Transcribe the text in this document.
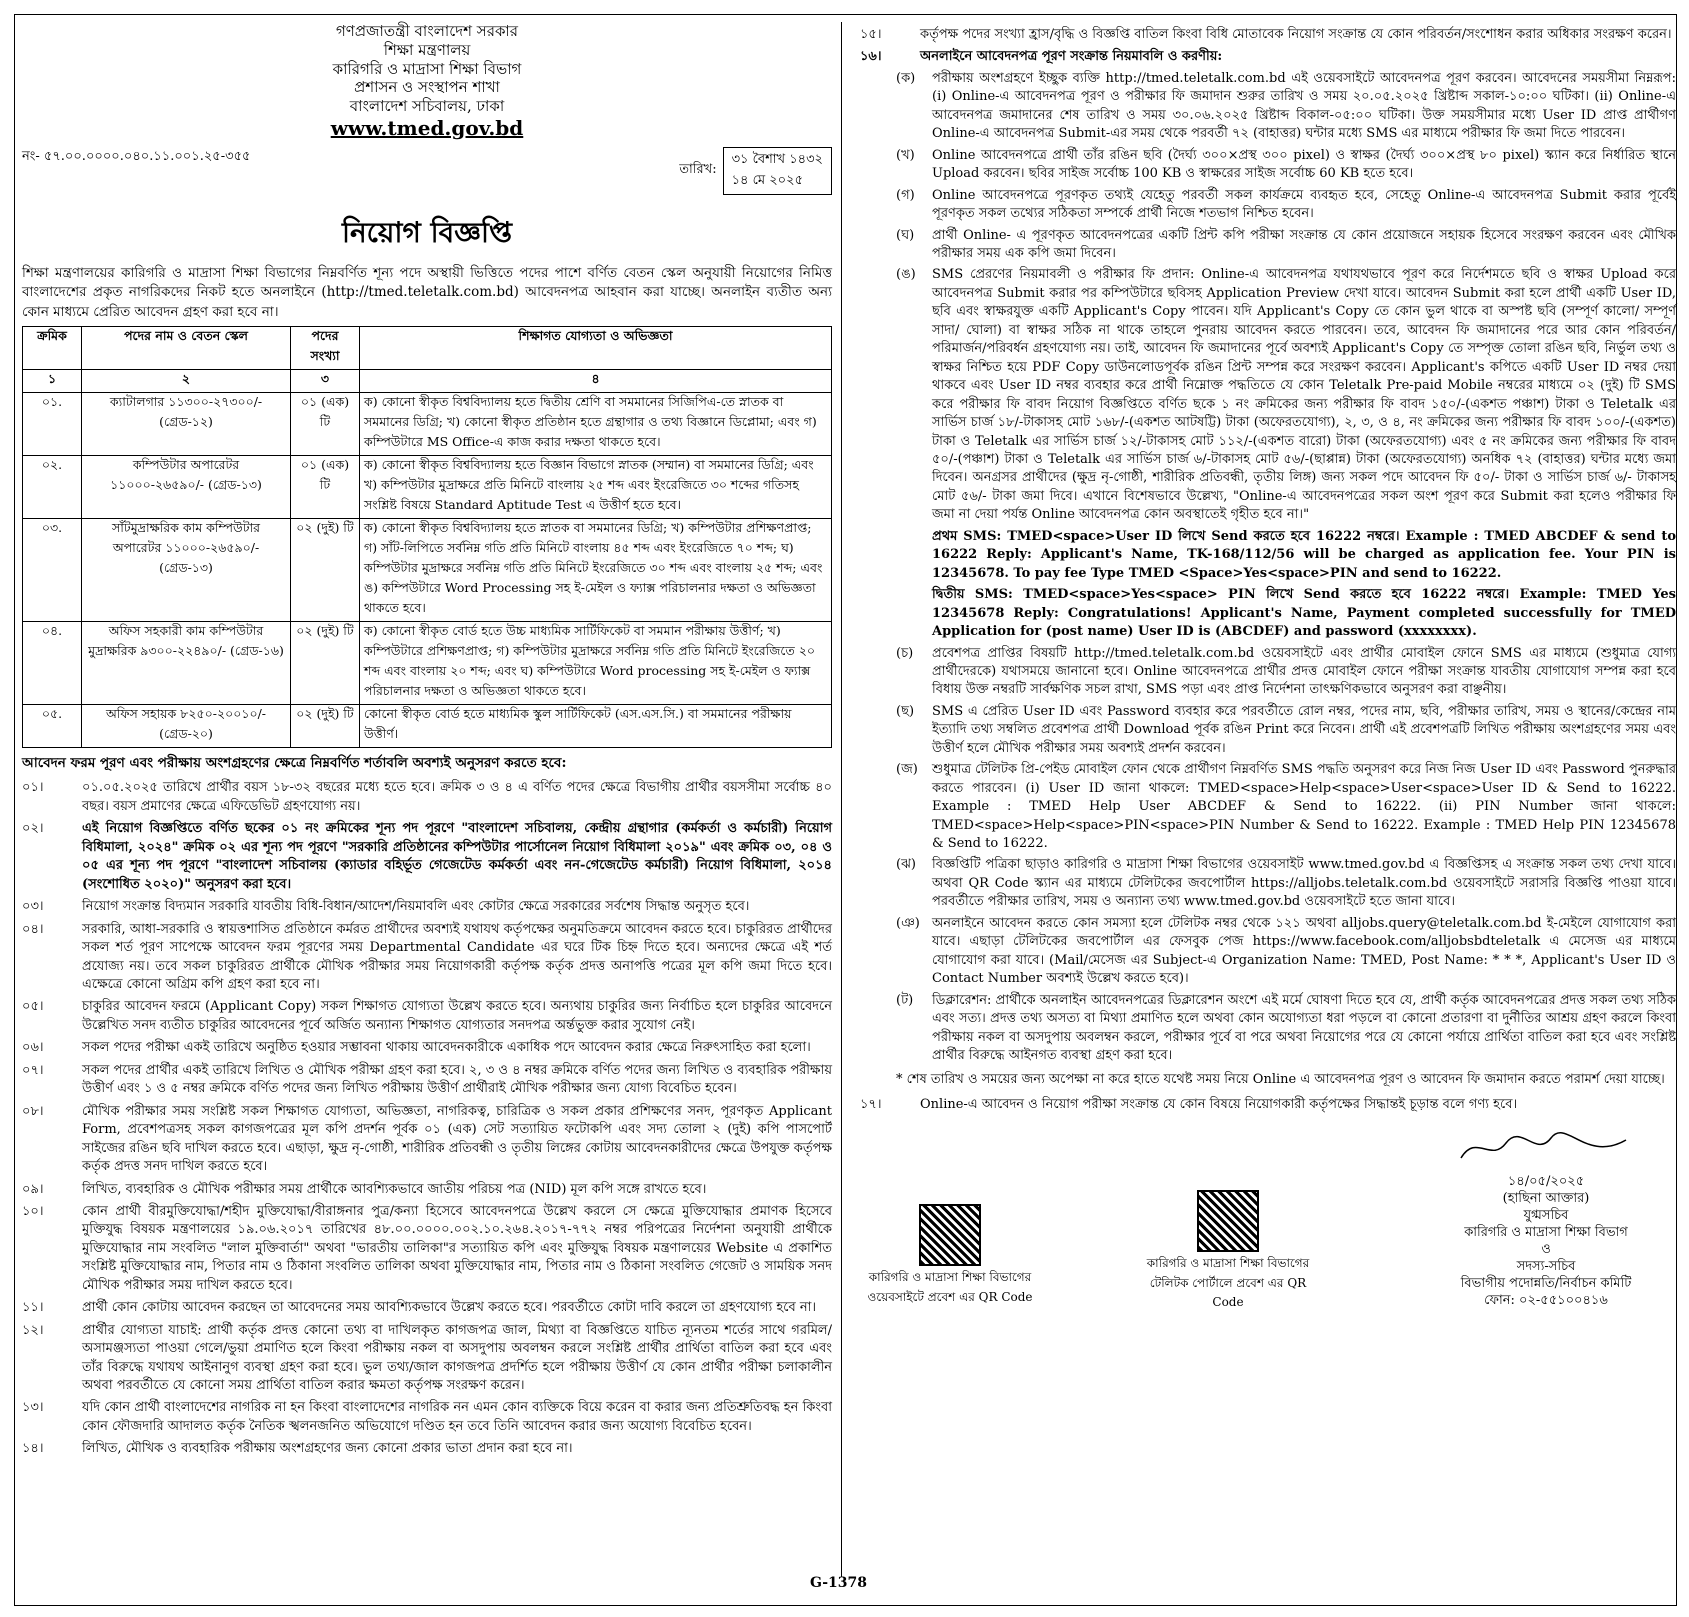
গণপ্রজাতন্ত্রী বাংলাদেশ সরকার
শিক্ষা মন্ত্রণালয়
কারিগরি ও মাদ্রাসা শিক্ষা বিভাগ
প্রশাসন ও সংস্থাপন শাখা
বাংলাদেশ সচিবালয়, ঢাকা
www.tmed.gov.bd
নং- ৫৭.০০.০০০০.০৪০.১১.০০১.২৫-৩৫৫
তারিখ:
৩১ বৈশাখ ১৪৩২
১৪ মে ২০২৫
নিয়োগ বিজ্ঞপ্তি
শিক্ষা মন্ত্রণালয়ের কারিগরি ও মাদ্রাসা শিক্ষা বিভাগের নিম্নবর্ণিত শূন্য পদে অস্থায়ী ভিত্তিতে পদের পাশে বর্ণিত বেতন স্কেল অনুযায়ী নিয়োগের নিমিত্ত বাংলাদেশের প্রকৃত নাগরিকদের নিকট হতে অনলাইনে (http://tmed.teletalk.com.bd) আবেদনপত্র আহবান করা যাচ্ছে। অনলাইন ব্যতীত অন্য কোন মাধ্যমে প্রেরিত আবেদন গ্রহণ করা হবে না।
ক্রমিক	পদের নাম ও বেতন স্কেল	পদের সংখ্যা	শিক্ষাগত যোগ্যতা ও অভিজ্ঞতা
১	২	৩	৪
০১.	ক্যাটালগার ১১৩০০-২৭৩০০/- (গ্রেড-১২)	০১ (এক) টি	ক) কোনো স্বীকৃত বিশ্ববিদ্যালয় হতে দ্বিতীয় শ্রেণি বা সমমানের সিজিপিএ-তে স্নাতক বা সমমানের ডিগ্রি; খ) কোনো স্বীকৃত প্রতিষ্ঠান হতে গ্রন্থাগার ও তথ্য বিজ্ঞানে ডিপ্লোমা; এবং গ) কম্পিউটারে MS Office-এ কাজ করার দক্ষতা থাকতে হবে।
০২.	কম্পিউটার অপারেটর ১১০০০-২৬৫৯০/- (গ্রেড-১৩)	০১ (এক) টি	ক) কোনো স্বীকৃত বিশ্ববিদ্যালয় হতে বিজ্ঞান বিভাগে স্নাতক (সম্মান) বা সমমানের ডিগ্রি; এবং খ) কম্পিউটার মুদ্রাক্ষরে প্রতি মিনিটে বাংলায় ২৫ শব্দ এবং ইংরেজিতে ৩০ শব্দের গতিসহ সংশ্লিষ্ট বিষয়ে Standard Aptitude Test এ উত্তীর্ণ হতে হবে।
০৩.	সাঁটমুদ্রাক্ষরিক কাম কম্পিউটার অপারেটর ১১০০০-২৬৫৯০/- (গ্রেড-১৩)	০২ (দুই) টি	ক) কোনো স্বীকৃত বিশ্ববিদ্যালয় হতে স্নাতক বা সমমানের ডিগ্রি; খ) কম্পিউটার প্রশিক্ষণপ্রাপ্ত; গ) সাঁট-লিপিতে সর্বনিম্ন গতি প্রতি মিনিটে বাংলায় ৪৫ শব্দ এবং ইংরেজিতে ৭০ শব্দ; ঘ) কম্পিউটার মুদ্রাক্ষরে সর্বনিম্ন গতি প্রতি মিনিটে ইংরেজিতে ৩০ শব্দ এবং বাংলায় ২৫ শব্দ; এবং ঙ) কম্পিউটারে Word Processing সহ ই-মেইল ও ফ্যাক্স পরিচালনার দক্ষতা ও অভিজ্ঞতা থাকতে হবে।
০৪.	অফিস সহকারী কাম কম্পিউটার মুদ্রাক্ষরিক ৯৩০০-২২৪৯০/- (গ্রেড-১৬)	০২ (দুই) টি	ক) কোনো স্বীকৃত বোর্ড হতে উচ্চ মাধ্যমিক সার্টিফিকেট বা সমমান পরীক্ষায় উত্তীর্ণ; খ) কম্পিউটারে প্রশিক্ষণপ্রাপ্ত; গ) কম্পিউটার মুদ্রাক্ষরে সর্বনিম্ন গতি প্রতি মিনিটে ইংরেজিতে ২০ শব্দ এবং বাংলায় ২০ শব্দ; এবং ঘ) কম্পিউটারে Word processing সহ ই-মেইল ও ফ্যাক্স পরিচালনার দক্ষতা ও অভিজ্ঞতা থাকতে হবে।
০৫.	অফিস সহায়ক ৮২৫০-২০০১০/- (গ্রেড-২০)	০২ (দুই) টি	কোনো স্বীকৃত বোর্ড হতে মাধ্যমিক স্কুল সার্টিফিকেট (এস.এস.সি.) বা সমমানের পরীক্ষায় উত্তীর্ণ।
আবেদন ফরম পূরণ এবং পরীক্ষায় অংশগ্রহণের ক্ষেত্রে নিম্নবর্ণিত শর্তাবলি অবশ্যই অনুসরণ করতে হবে:
০১।	০১.০৫.২০২৫ তারিখে প্রার্থীর বয়স ১৮-৩২ বছরের মধ্যে হতে হবে। ক্রমিক ৩ ও ৪ এ বর্ণিত পদের ক্ষেত্রে বিভাগীয় প্রার্থীর বয়সসীমা সর্বোচ্চ ৪০ বছর। বয়স প্রমাণের ক্ষেত্রে এফিডেভিট গ্রহণযোগ্য নয়।
০২।	এই নিয়োগ বিজ্ঞপ্তিতে বর্ণিত ছকের ০১ নং ক্রমিকের শূন্য পদ পূরণে "বাংলাদেশ সচিবালয়, কেন্দ্রীয় গ্রন্থাগার (কর্মকর্তা ও কর্মচারী) নিয়োগ বিধিমালা, ২০২৪" ক্রমিক ০২ এর শূন্য পদ পূরণে "সরকারি প্রতিষ্ঠানের কম্পিউটার পার্সোনেল নিয়োগ বিধিমালা ২০১৯" এবং ক্রমিক ০৩, ০৪ ও ০৫ এর শূন্য পদ পূরণে "বাংলাদেশ সচিবালয় (ক্যাডার বহির্ভূত গেজেটেড কর্মকর্তা এবং নন-গেজেটেড কর্মচারী) নিয়োগ বিধিমালা, ২০১৪ (সংশোধিত ২০২০)" অনুসরণ করা হবে।
০৩।	নিয়োগ সংক্রান্ত বিদ্যমান সরকারি যাবতীয় বিধি-বিধান/আদেশ/নিয়মাবলি এবং কোটার ক্ষেত্রে সরকারের সর্বশেষ সিদ্ধান্ত অনুসৃত হবে।
০৪।	সরকারি, আধা-সরকারি ও স্বায়ত্তশাসিত প্রতিষ্ঠানে কর্মরত প্রার্থীদের অবশ্যই যথাযথ কর্তৃপক্ষের অনুমতিক্রমে আবেদন করতে হবে। চাকুরিরত প্রার্থীদের সকল শর্ত পূরণ সাপেক্ষে আবেদন ফরম পূরণের সময় Departmental Candidate এর ঘরে টিক চিহ্ন দিতে হবে। অন্যদের ক্ষেত্রে এই শর্ত প্রযোজ্য নয়। তবে সকল চাকুরিরত প্রার্থীকে মৌখিক পরীক্ষার সময় নিয়োগকারী কর্তৃপক্ষ কর্তৃক প্রদত্ত অনাপত্তি পত্রের মূল কপি জমা দিতে হবে। এক্ষেত্রে কোনো অগ্রিম কপি গ্রহণ করা হবে না।
০৫।	চাকুরির আবেদন ফরমে (Applicant Copy) সকল শিক্ষাগত যোগ্যতা উল্লেখ করতে হবে। অন্যথায় চাকুরির জন্য নির্বাচিত হলে চাকুরির আবেদনে উল্লেখিত সনদ ব্যতীত চাকুরির আবেদনের পূর্বে অর্জিত অন্যান্য শিক্ষাগত যোগ্যতার সনদপত্র অর্ন্তভুক্ত করার সুযোগ নেই।
০৬।	সকল পদের পরীক্ষা একই তারিখে অনুষ্ঠিত হওয়ার সম্ভাবনা থাকায় আবেদনকারীকে একাধিক পদে আবেদন করার ক্ষেত্রে নিরুৎসাহিত করা হলো।
০৭।	সকল পদের প্রার্থীর একই তারিখে লিখিত ও মৌখিক পরীক্ষা গ্রহণ করা হবে। ২, ৩ ও ৪ নম্বর ক্রমিকে বর্ণিত পদের জন্য লিখিত ও ব্যবহারিক পরীক্ষায় উত্তীর্ণ এবং ১ ও ৫ নম্বর ক্রমিকে বর্ণিত পদের জন্য লিখিত পরীক্ষায় উত্তীর্ণ প্রার্থীরাই মৌখিক পরীক্ষার জন্য যোগ্য বিবেচিত হবেন।
০৮।	মৌখিক পরীক্ষার সময় সংশ্লিষ্ট সকল শিক্ষাগত যোগ্যতা, অভিজ্ঞতা, নাগরিকত্ব, চারিত্রিক ও সকল প্রকার প্রশিক্ষণের সনদ, পূরণকৃত Applicant Form, প্রবেশপত্রসহ সকল কাগজপত্রের মূল কপি প্রদর্শন পূর্বক ০১ (এক) সেট সত্যায়িত ফটোকপি এবং সদ্য তোলা ২ (দুই) কপি পাসপোর্ট সাইজের রঙিন ছবি দাখিল করতে হবে। এছাড়া, ক্ষুদ্র নৃ-গোষ্ঠী, শারীরিক প্রতিবন্ধী ও তৃতীয় লিঙ্গের কোটায় আবেদনকারীদের ক্ষেত্রে উপযুক্ত কর্তৃপক্ষ কর্তৃক প্রদত্ত সনদ দাখিল করতে হবে।
০৯।	লিখিত, ব্যবহারিক ও মৌখিক পরীক্ষার সময় প্রার্থীকে আবশ্যিকভাবে জাতীয় পরিচয় পত্র (NID) মূল কপি সঙ্গে রাখতে হবে।
১০।	কোন প্রার্থী বীরমুক্তিযোদ্ধা/শহীদ মুক্তিযোদ্ধা/বীরাঙ্গনার পুত্র/কন্যা হিসেবে আবেদনপত্রে উল্লেখ করলে সে ক্ষেত্রে মুক্তিযোদ্ধার প্রমাণক হিসেবে মুক্তিযুদ্ধ বিষয়ক মন্ত্রণালয়ের ১৯.০৬.২০১৭ তারিখের ৪৮.০০.০০০০.০০২.১০.২৬৪.২০১৭-৭৭২ নম্বর পরিপত্রের নির্দেশনা অনুযায়ী প্রার্থীকে মুক্তিযোদ্ধার নাম সংবলিত "লাল মুক্তিবার্তা" অথবা "ভারতীয় তালিকা"র সত্যায়িত কপি এবং মুক্তিযুদ্ধ বিষয়ক মন্ত্রণালয়ের Website এ প্রকাশিত সংশ্লিষ্ট মুক্তিযোদ্ধার নাম, পিতার নাম ও ঠিকানা সংবলিত তালিকা অথবা মুক্তিযোদ্ধার নাম, পিতার নাম ও ঠিকানা সংবলিত গেজেট ও সাময়িক সনদ মৌখিক পরীক্ষার সময় দাখিল করতে হবে।
১১।	প্রার্থী কোন কোটায় আবেদন করছেন তা আবেদনের সময় আবশ্যিকভাবে উল্লেখ করতে হবে। পরবর্তীতে কোটা দাবি করলে তা গ্রহণযোগ্য হবে না।
১২।	প্রার্থীর যোগ্যতা যাচাই: প্রার্থী কর্তৃক প্রদত্ত কোনো তথ্য বা দাখিলকৃত কাগজপত্র জাল, মিথ্যা বা বিজ্ঞপ্তিতে যাচিত ন্যূনতম শর্তের সাথে গরমিল/অসামঞ্জস্যতা পাওয়া গেলে/ভুয়া প্রমাণিত হলে কিংবা পরীক্ষায় নকল বা অসদুপায় অবলম্বন করলে সংশ্লিষ্ট প্রার্থীর প্রার্থিতা বাতিল করা হবে এবং তাঁর বিরুদ্ধে যথাযথ আইনানুগ ব্যবস্থা গ্রহণ করা হবে। ভুল তথ্য/জাল কাগজপত্র প্রদর্শিত হলে পরীক্ষায় উত্তীর্ণ যে কোন প্রার্থীর পরীক্ষা চলাকালীন অথবা পরবর্তীতে যে কোনো সময় প্রার্থিতা বাতিল করার ক্ষমতা কর্তৃপক্ষ সংরক্ষণ করেন।
১৩।	যদি কোন প্রার্থী বাংলাদেশের নাগরিক না হন কিংবা বাংলাদেশের নাগরিক নন এমন কোন ব্যক্তিকে বিয়ে করেন বা করার জন্য প্রতিশ্রুতিবদ্ধ হন কিংবা কোন ফৌজদারি আদালত কর্তৃক নৈতিক স্খলনজনিত অভিযোগে দণ্ডিত হন তবে তিনি আবেদন করার জন্য অযোগ্য বিবেচিত হবেন।
১৪।	লিখিত, মৌখিক ও ব্যবহারিক পরীক্ষায় অংশগ্রহণের জন্য কোনো প্রকার ভাতা প্রদান করা হবে না।
১৫।	কর্তৃপক্ষ পদের সংখ্যা হ্রাস/বৃদ্ধি ও বিজ্ঞপ্তি বাতিল কিংবা বিধি মোতাবেক নিয়োগ সংক্রান্ত যে কোন পরিবর্তন/সংশোধন করার অধিকার সংরক্ষণ করেন।
১৬।	অনলাইনে আবেদনপত্র পূরণ সংক্রান্ত নিয়মাবলি ও করণীয়:
(ক)	পরীক্ষায় অংশগ্রহণে ইচ্ছুক ব্যক্তি http://tmed.teletalk.com.bd এই ওয়েবসাইটে আবেদনপত্র পূরণ করবেন। আবেদনের সময়সীমা নিম্নরূপ: (i) Online-এ আবেদনপত্র পূরণ ও পরীক্ষার ফি জমাদান শুরুর তারিখ ও সময় ২০.০৫.২০২৫ খ্রিষ্টাব্দ সকাল-১০:০০ ঘটিকা। (ii) Online-এ আবেদনপত্র জমাদানের শেষ তারিখ ও সময় ৩০.০৬.২০২৫ খ্রিষ্টাব্দ বিকাল-০৫:০০ ঘটিকা। উক্ত সময়সীমার মধ্যে User ID প্রাপ্ত প্রার্থীগণ Online-এ আবেদনপত্র Submit-এর সময় থেকে পরবর্তী ৭২ (বাহাত্তর) ঘন্টার মধ্যে SMS এর মাধ্যমে পরীক্ষার ফি জমা দিতে পারবেন।
(খ)	Online আবেদনপত্রে প্রার্থী তাঁর রঙিন ছবি (দৈর্ঘ্য ৩০০×প্রস্থ ৩০০ pixel) ও স্বাক্ষর (দৈর্ঘ্য ৩০০×প্রস্থ ৮০ pixel) স্ক্যান করে নির্ধারিত স্থানে Upload করবেন। ছবির সাইজ সর্বোচ্চ 100 KB ও স্বাক্ষরের সাইজ সর্বোচ্চ 60 KB হতে হবে।
(গ)	Online আবেদনপত্রে পূরণকৃত তথ্যই যেহেতু পরবর্তী সকল কার্যক্রমে ব্যবহৃত হবে, সেহেতু Online-এ আবেদনপত্র Submit করার পূর্বেই পূরণকৃত সকল তথ্যের সঠিকতা সম্পর্কে প্রার্থী নিজে শতভাগ নিশ্চিত হবেন।
(ঘ)	প্রার্থী Online- এ পূরণকৃত আবেদনপত্রের একটি প্রিন্ট কপি পরীক্ষা সংক্রান্ত যে কোন প্রয়োজনে সহায়ক হিসেবে সংরক্ষণ করবেন এবং মৌখিক পরীক্ষার সময় এক কপি জমা দিবেন।
(ঙ)	SMS প্রেরণের নিয়মাবলী ও পরীক্ষার ফি প্রদান: Online-এ আবেদনপত্র যথাযথভাবে পূরণ করে নির্দেশমতে ছবি ও স্বাক্ষর Upload করে আবেদনপত্র Submit করার পর কম্পিউটারে ছবিসহ Application Preview দেখা যাবে। আবেদন Submit করা হলে প্রার্থী একটি User ID, ছবি এবং স্বাক্ষরযুক্ত একটি Applicant's Copy পাবেন। যদি Applicant's Copy তে কোন ভুল থাকে বা অস্পষ্ট ছবি (সম্পূর্ণ কালো/ সম্পূর্ণ সাদা/ ঘোলা) বা স্বাক্ষর সঠিক না থাকে তাহলে পুনরায় আবেদন করতে পারবেন। তবে, আবেদন ফি জমাদানের পরে আর কোন পরিবর্তন/পরিমার্জন/পরিবর্ধন গ্রহণযোগ্য নয়। তাই, আবেদন ফি জমাদানের পূর্বে অবশ্যই Applicant's Copy তে সম্পৃক্ত তোলা রঙিন ছবি, নির্ভুল তথ্য ও স্বাক্ষর নিশ্চিত হয়ে PDF Copy ডাউনলোডপূর্বক রঙিন প্রিন্ট সম্পন্ন করে সংরক্ষণ করবেন। Applicant's কপিতে একটি User ID নম্বর দেয়া থাকবে এবং User ID নম্বর ব্যবহার করে প্রার্থী নিম্নোক্ত পদ্ধতিতে যে কোন Teletalk Pre-paid Mobile নম্বরের মাধ্যমে ০২ (দুই) টি SMS করে পরীক্ষার ফি বাবদ নিয়োগ বিজ্ঞপ্তিতে বর্ণিত ছকে ১ নং ক্রমিকের জন্য পরীক্ষার ফি বাবদ ১৫০/-(একশত পঞ্চাশ) টাকা ও Teletalk এর সার্ভিস চার্জ ১৮/-টাকাসহ মোট ১৬৮/-(একশত আটষট্টি) টাকা (অফেরতযোগ্য), ২, ৩, ও ৪, নং ক্রমিকের জন্য পরীক্ষার ফি বাবদ ১০০/-(একশত) টাকা ও Teletalk এর সার্ভিস চার্জ ১২/-টাকাসহ মোট ১১২/-(একশত বারো) টাকা (অফেরতযোগ্য) এবং ৫ নং ক্রমিকের জন্য পরীক্ষার ফি বাবদ ৫০/-(পঞ্চাশ) টাকা ও Teletalk এর সার্ভিস চার্জ ৬/-টাকাসহ মোট ৫৬/-(ছাপ্পান্ন) টাকা (অফেরতযোগ্য) অনধিক ৭২ (বাহাত্তর) ঘন্টার মধ্যে জমা দিবেন। অনগ্রসর প্রার্থীদের (ক্ষুদ্র নৃ-গোষ্ঠী, শারীরিক প্রতিবন্ধী, তৃতীয় লিঙ্গ) জন্য সকল পদে আবেদন ফি ৫০/- টাকা ও সার্ভিস চার্জ ৬/- টাকাসহ মোট ৫৬/- টাকা জমা দিবে। এখানে বিশেষভাবে উল্লেখ্য, "Online-এ আবেদনপত্রের সকল অংশ পূরণ করে Submit করা হলেও পরীক্ষার ফি জমা না দেয়া পর্যন্ত Online আবেদনপত্র কোন অবস্থাতেই গৃহীত হবে না।"
প্রথম SMS: TMED<space>User ID লিখে Send করতে হবে 16222 নম্বরে। Example : TMED ABCDEF & send to 16222 Reply: Applicant's Name, TK-168/112/56 will be charged as application fee. Your PIN is 12345678. To pay fee Type TMED <Space>Yes<space>PIN and send to 16222.
দ্বিতীয় SMS: TMED<space>Yes<space> PIN লিখে Send করতে হবে 16222 নম্বরে। Example: TMED Yes 12345678 Reply: Congratulations! Applicant's Name, Payment completed successfully for TMED Application for (post name) User ID is (ABCDEF) and password (xxxxxxxx).
(চ)	প্রবেশপত্র প্রাপ্তির বিষয়টি http://tmed.teletalk.com.bd ওয়েবসাইটে এবং প্রার্থীর মোবাইল ফোনে SMS এর মাধ্যমে (শুধুমাত্র যোগ্য প্রার্থীদেরকে) যথাসময়ে জানানো হবে। Online আবেদনপত্রে প্রার্থীর প্রদত্ত মোবাইল ফোনে পরীক্ষা সংক্রান্ত যাবতীয় যোগাযোগ সম্পন্ন করা হবে বিধায় উক্ত নম্বরটি সার্বক্ষণিক সচল রাখা, SMS পড়া এবং প্রাপ্ত নির্দেশনা তাৎক্ষণিকভাবে অনুসরণ করা বাঞ্ছনীয়।
(ছ)	SMS এ প্রেরিত User ID এবং Password ব্যবহার করে পরবর্তীতে রোল নম্বর, পদের নাম, ছবি, পরীক্ষার তারিখ, সময় ও স্থানের/কেন্দ্রের নাম ইত্যাদি তথ্য সম্বলিত প্রবেশপত্র প্রার্থী Download পূর্বক রঙিন Print করে নিবেন। প্রার্থী এই প্রবেশপত্রটি লিখিত পরীক্ষায় অংশগ্রহণের সময় এবং উত্তীর্ণ হলে মৌখিক পরীক্ষার সময় অবশ্যই প্রদর্শন করবেন।
(জ)	শুধুমাত্র টেলিটক প্রি-পেইড মোবাইল ফোন থেকে প্রার্থীগণ নিম্নবর্ণিত SMS পদ্ধতি অনুসরণ করে নিজ নিজ User ID এবং Password পুনরুদ্ধার করতে পারবেন। (i) User ID জানা থাকলে: TMED<space>Help<space>User<space>User ID & Send to 16222. Example : TMED Help User ABCDEF & Send to 16222. (ii) PIN Number জানা থাকলে: TMED<space>Help<space>PIN<space>PIN Number & Send to 16222. Example : TMED Help PIN 12345678 & Send to 16222.
(ঝ)	বিজ্ঞপ্তিটি পত্রিকা ছাড়াও কারিগরি ও মাদ্রাসা শিক্ষা বিভাগের ওয়েবসাইট www.tmed.gov.bd এ বিজ্ঞপ্তিসহ এ সংক্রান্ত সকল তথ্য দেখা যাবে। অথবা QR Code স্ক্যান এর মাধ্যমে টেলিটকের জবপোর্টাল https://alljobs.teletalk.com.bd ওয়েবসাইটে সরাসরি বিজ্ঞপ্তি পাওয়া যাবে। পরবর্তীতে পরীক্ষার তারিখ, সময় ও অন্যান্য তথ্য www.tmed.gov.bd ওয়েবসাইটে হতে জানা যাবে।
(ঞ) অনলাইনে আবেদন করতে কোন সমস্যা হলে টেলিটক নম্বর থেকে ১২১ অথবা alljobs.query@teletalk.com.bd ই-মেইলে যোগাযোগ করা যাবে। এছাড়া টেলিটকের জবপোর্টাল এর ফেসবুক পেজ https://www.facebook.com/alljobsbdteletalk এ মেসেজ এর মাধ্যমে যোগাযোগ করা যাবে। (Mail/মেসেজ এর Subject-এ Organization Name: TMED, Post Name: * * *, Applicant's User ID ও Contact Number অবশ্যই উল্লেখ করতে হবে)।
(ট)	ডিক্লারেশন: প্রার্থীকে অনলাইন আবেদনপত্রের ডিক্লারেশন অংশে এই মর্মে ঘোষণা দিতে হবে যে, প্রার্থী কর্তৃক আবেদনপত্রের প্রদত্ত সকল তথ্য সঠিক এবং সত্য। প্রদত্ত তথ্য অসত্য বা মিথ্যা প্রমাণিত হলে অথবা কোন অযোগ্যতা ধরা পড়লে বা কোনো প্রতারণা বা দুর্নীতির আশ্রয় গ্রহণ করলে কিংবা পরীক্ষায় নকল বা অসদুপায় অবলম্বন করলে, পরীক্ষার পূর্বে বা পরে অথবা নিয়োগের পরে যে কোনো পর্যায়ে প্রার্থিতা বাতিল করা হবে এবং সংশ্লিষ্ট প্রার্থীর বিরুদ্ধে আইনগত ব্যবস্থা গ্রহণ করা হবে।
* শেষ তারিখ ও সময়ের জন্য অপেক্ষা না করে হাতে যথেষ্ট সময় নিয়ে Online এ আবেদনপত্র পূরণ ও আবেদন ফি জমাদান করতে পরামর্শ দেয়া যাচ্ছে।
১৭।	Online-এ আবেদন ও নিয়োগ পরীক্ষা সংক্রান্ত যে কোন বিষয়ে নিয়োগকারী কর্তৃপক্ষের সিদ্ধান্তই চূড়ান্ত বলে গণ্য হবে।
কারিগরি ও মাদ্রাসা শিক্ষা বিভাগের ওয়েবসাইটে প্রবেশ এর QR Code
কারিগরি ও মাদ্রাসা শিক্ষা বিভাগের টেলিটক পোর্টালে প্রবেশ এর QR Code
১৪/০৫/২০২৫
(হাছিনা আক্তার)
যুগ্মসচিব
কারিগরি ও মাদ্রাসা শিক্ষা বিভাগ
ও
সদস্য-সচিব
বিভাগীয় পদোন্নতি/নির্বাচন কমিটি
ফোন: ০২-৫৫১০০৪১৬
G-1378
